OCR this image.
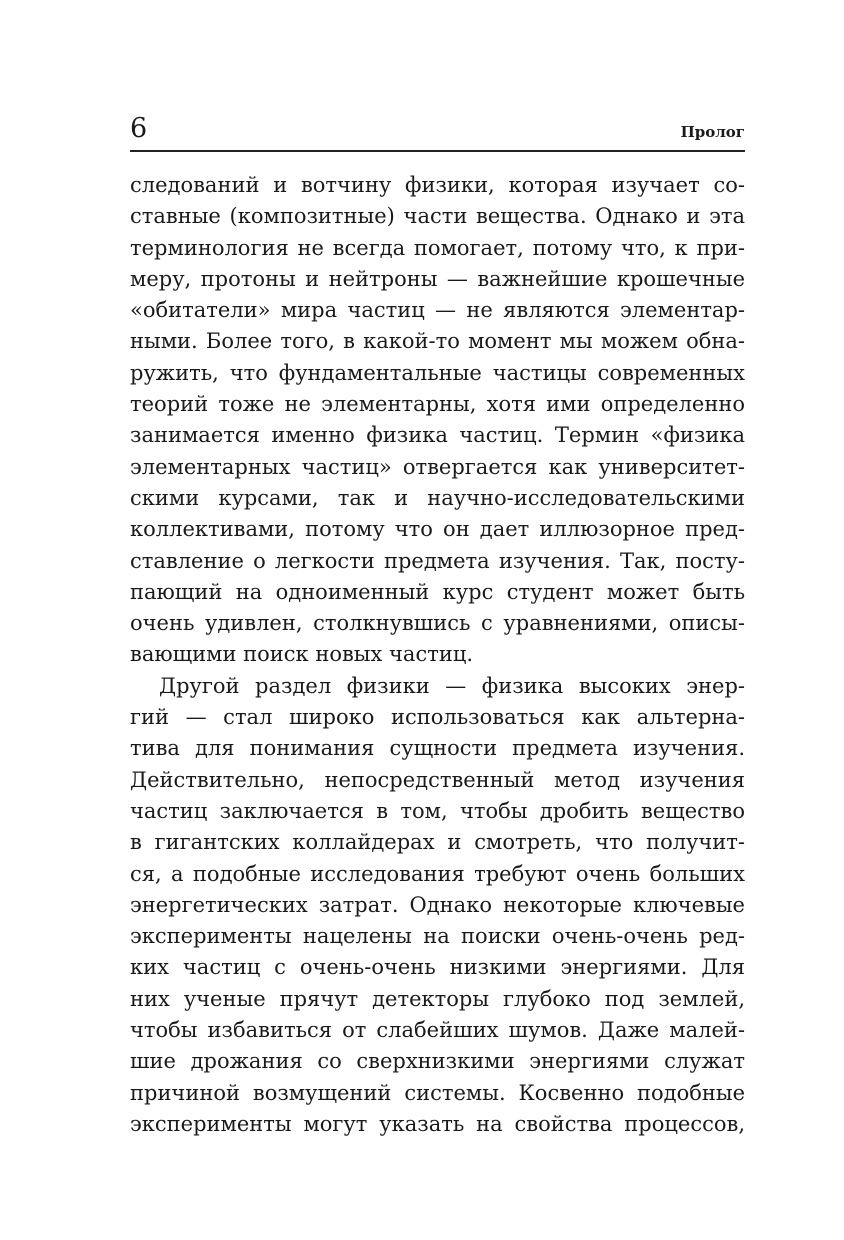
6	Пролог
следований и вотчину физики, которая изучает со-
ставные (композитные) части вещества. Однако и эта
терминология не всегда помогает, потому что, к при-
меру, протоны и нейтроны — важнейшие крошечные
«обитатели» мира частиц — не являются элементар-
ными. Более того, в какой-то момент мы можем обна-
ружить, что фундаментальные частицы современных
теорий тоже не элементарны, хотя ими определенно
занимается именно физика частиц. Термин «физика
элементарных частиц» отвергается как университет-
скими курсами, так и научно-исследовательскими
коллективами, потому что он дает иллюзорное пред-
ставление о легкости предмета изучения. Так, посту-
пающий на одноименный курс студент может быть
очень удивлен, столкнувшись с уравнениями, описы-
вающими поиск новых частиц.
Другой раздел физики — физика высоких энер-
гий — стал широко использоваться как альтерна-
тива для понимания сущности предмета изучения.
Действительно, непосредственный метод изучения
частиц заключается в том, чтобы дробить вещество
в гигантских коллайдерах и смотреть, что получит-
ся, а подобные исследования требуют очень больших
энергетических затрат. Однако некоторые ключевые
эксперименты нацелены на поиски очень-очень ред-
ких частиц с очень-очень низкими энергиями. Для
них ученые прячут детекторы глубоко под землей,
чтобы избавиться от слабейших шумов. Даже малей-
шие дрожания со сверхнизкими энергиями служат
причиной возмущений системы. Косвенно подобные
эксперименты могут указать на свойства процессов,
